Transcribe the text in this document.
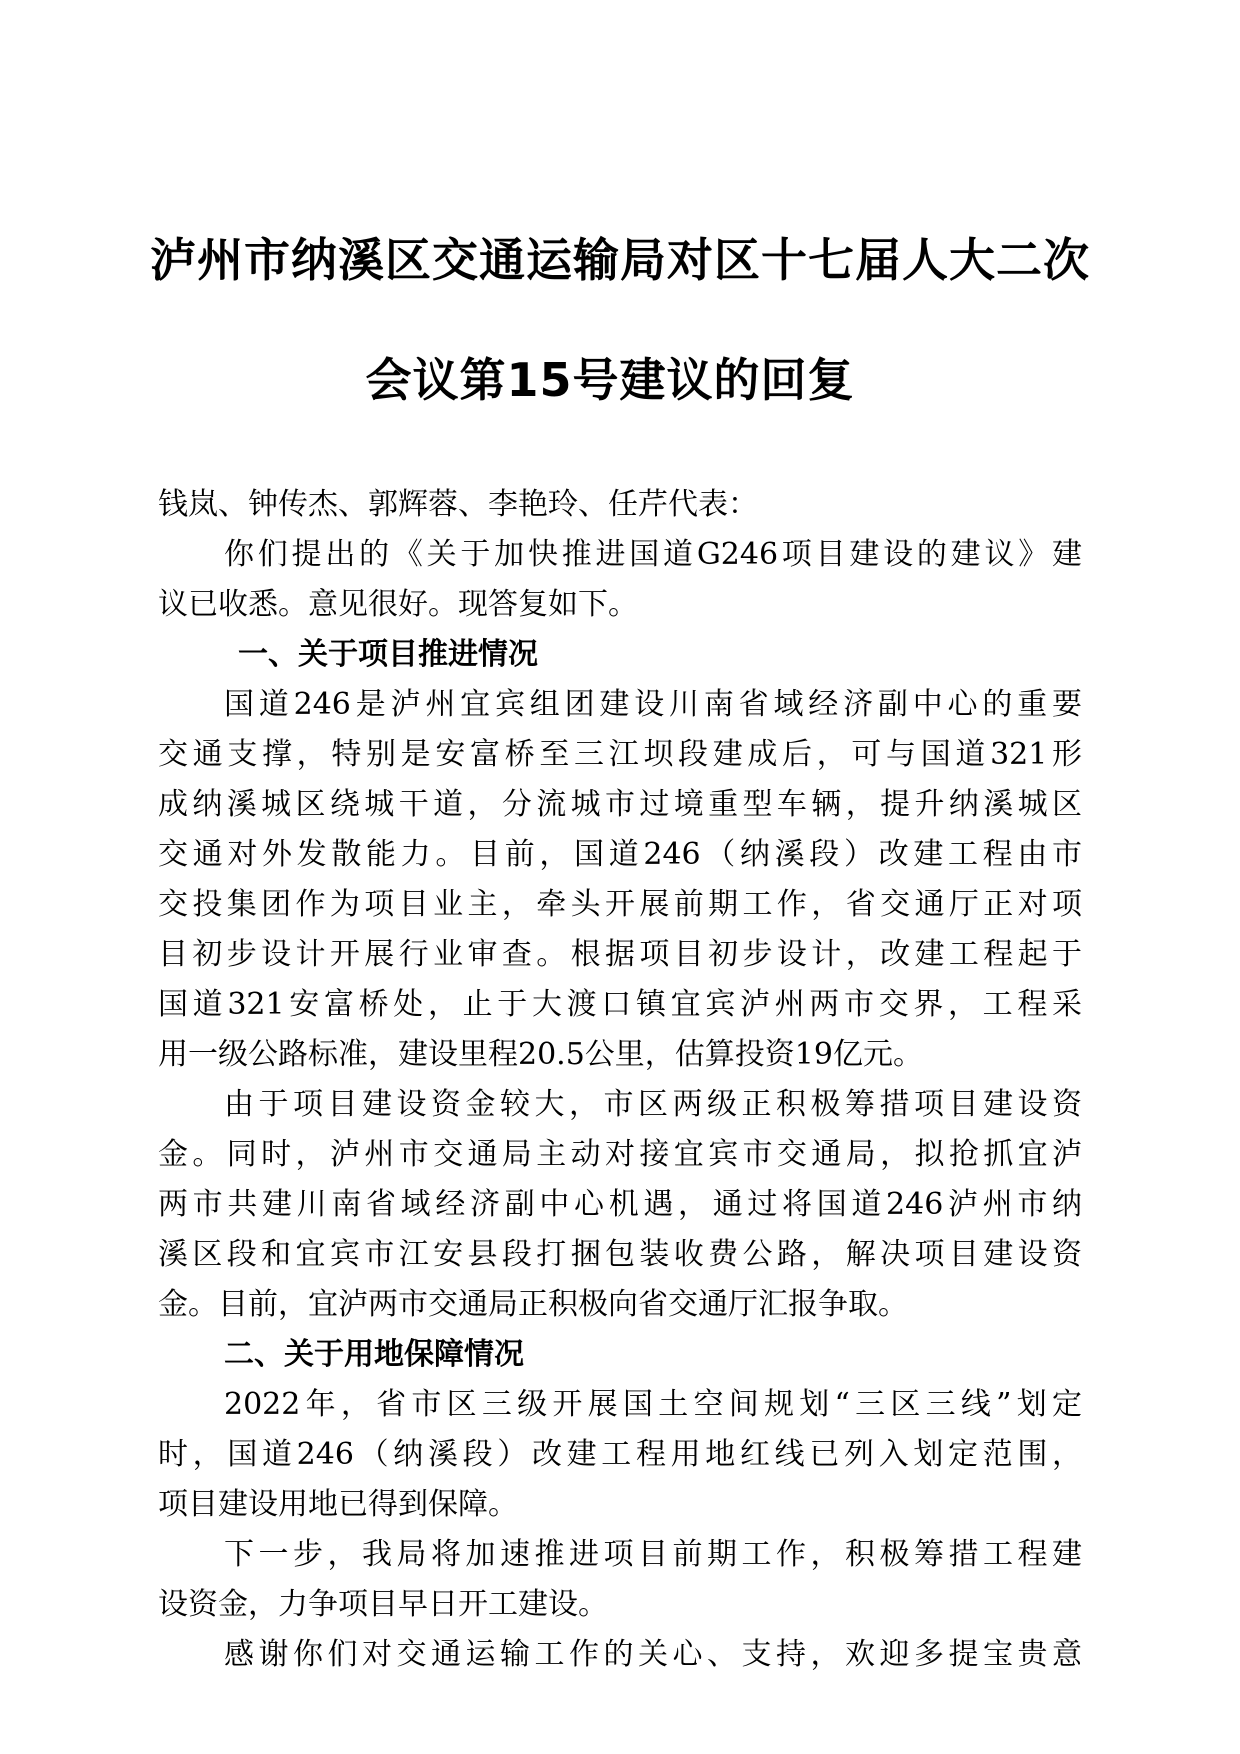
泸州市纳溪区交通运输局对区十七届人大二次
会议第15号建议的回复
钱岚、钟传杰、郭辉蓉、李艳玲、任芹代表：
你们提出的《关于加快推进国道G246项目建设的建议》建
议已收悉。意见很好。现答复如下。
一、关于项目推进情况
国道246是泸州宜宾组团建设川南省域经济副中心的重要
交通支撑，特别是安富桥至三江坝段建成后，可与国道321形
成纳溪城区绕城干道，分流城市过境重型车辆，提升纳溪城区
交通对外发散能力。目前，国道246（纳溪段）改建工程由市
交投集团作为项目业主，牵头开展前期工作，省交通厅正对项
目初步设计开展行业审查。根据项目初步设计，改建工程起于
国道321安富桥处，止于大渡口镇宜宾泸州两市交界，工程采
用一级公路标准，建设里程20.5公里，估算投资19亿元。
由于项目建设资金较大，市区两级正积极筹措项目建设资
金。同时，泸州市交通局主动对接宜宾市交通局，拟抢抓宜泸
两市共建川南省域经济副中心机遇，通过将国道246泸州市纳
溪区段和宜宾市江安县段打捆包装收费公路，解决项目建设资
金。目前，宜泸两市交通局正积极向省交通厅汇报争取。
二、关于用地保障情况
2022年，省市区三级开展国土空间规划“三区三线”划定
时，国道246（纳溪段）改建工程用地红线已列入划定范围，
项目建设用地已得到保障。
下一步，我局将加速推进项目前期工作，积极筹措工程建
设资金，力争项目早日开工建设。
感谢你们对交通运输工作的关心、支持，欢迎多提宝贵意
